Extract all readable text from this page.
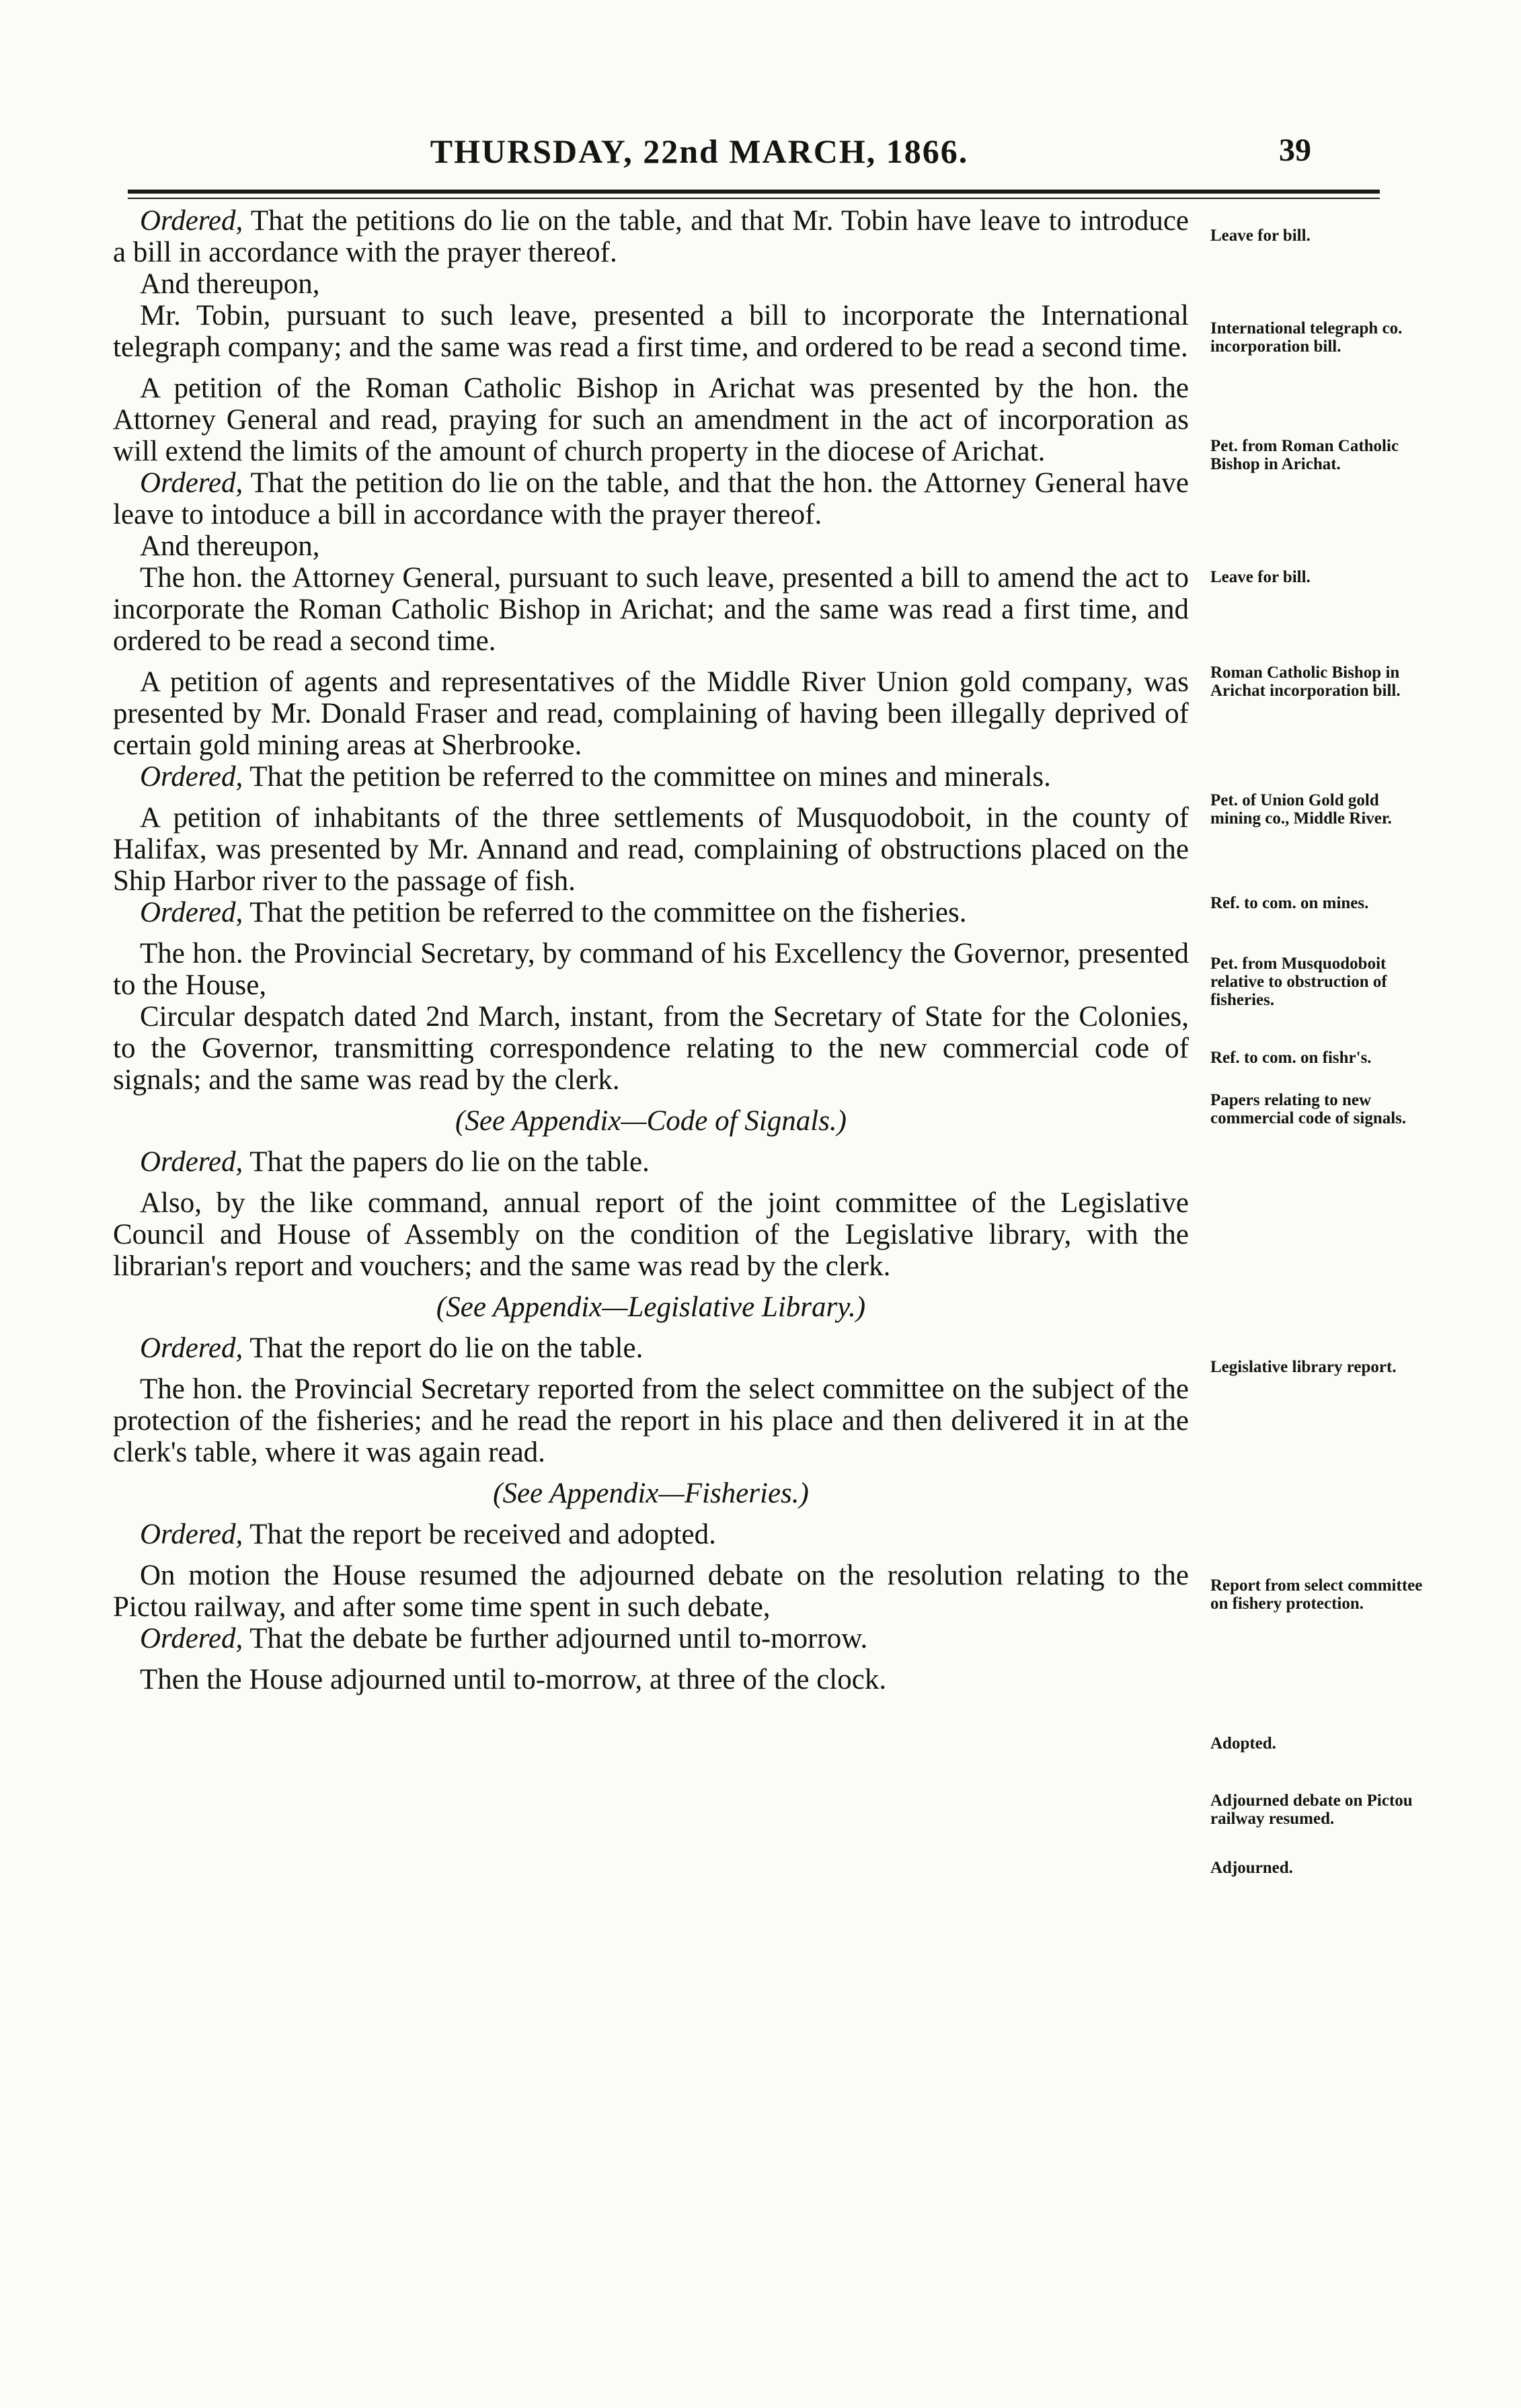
THURSDAY, 22nd MARCH, 1866.	39

Ordered, That the petitions do lie on the table, and that Mr. Tobin have leave to introduce a bill in accordance with the prayer thereof.

And thereupon,

Mr. Tobin, pursuant to such leave, presented a bill to incorporate the International telegraph company; and the same was read a first time, and ordered to be read a second time.

A petition of the Roman Catholic Bishop in Arichat was presented by the hon. the Attorney General and read, praying for such an amendment in the act of incorporation as will extend the limits of the amount of church property in the diocese of Arichat.

Ordered, That the petition do lie on the table, and that the hon. the Attorney General have leave to intoduce a bill in accordance with the prayer thereof.

And thereupon,

The hon. the Attorney General, pursuant to such leave, presented a bill to amend the act to incorporate the Roman Catholic Bishop in Arichat; and the same was read a first time, and ordered to be read a second time.

A petition of agents and representatives of the Middle River Union gold company, was presented by Mr. Donald Fraser and read, complaining of having been illegally deprived of certain gold mining areas at Sherbrooke.

Ordered, That the petition be referred to the committee on mines and minerals.

A petition of inhabitants of the three settlements of Musquodoboit, in the county of Halifax, was presented by Mr. Annand and read, complaining of obstructions placed on the Ship Harbor river to the passage of fish.

Ordered, That the petition be referred to the committee on the fisheries.

The hon. the Provincial Secretary, by command of his Excellency the Governor, presented to the House,

Circular despatch dated 2nd March, instant, from the Secretary of State for the Colonies, to the Governor, transmitting correspondence relating to the new commercial code of signals; and the same was read by the clerk.

(See Appendix—Code of Signals.)

Ordered, That the papers do lie on the table.

Also, by the like command, annual report of the joint committee of the Legislative Council and House of Assembly on the condition of the Legislative library, with the librarian's report and vouchers; and the same was read by the clerk.

(See Appendix—Legislative Library.)

Ordered, That the report do lie on the table.

The hon. the Provincial Secretary reported from the select committee on the subject of the protection of the fisheries; and he read the report in his place and then delivered it in at the clerk's table, where it was again read.

(See Appendix—Fisheries.)

Ordered, That the report be received and adopted.

On motion the House resumed the adjourned debate on the resolution relating to the Pictou railway, and after some time spent in such debate,

Ordered, That the debate be further adjourned until to-morrow.

Then the House adjourned until to-morrow, at three of the clock.

Leave for bill.
International telegraph co. incorporation bill.
Pet. from Roman Catholic Bishop in Arichat.
Leave for bill.
Roman Catholic Bishop in Arichat incorporation bill.
Pet. of Union Gold gold mining co., Middle River.
Ref. to com. on mines.
Pet. from Musquodoboit relative to obstruction of fisheries.
Ref. to com. on fishr's.
Papers relating to new commercial code of signals.
Legislative library report.
Report from select committee on fishery protection.
Adopted.
Adjourned debate on Pictou railway resumed.
Adjourned.
